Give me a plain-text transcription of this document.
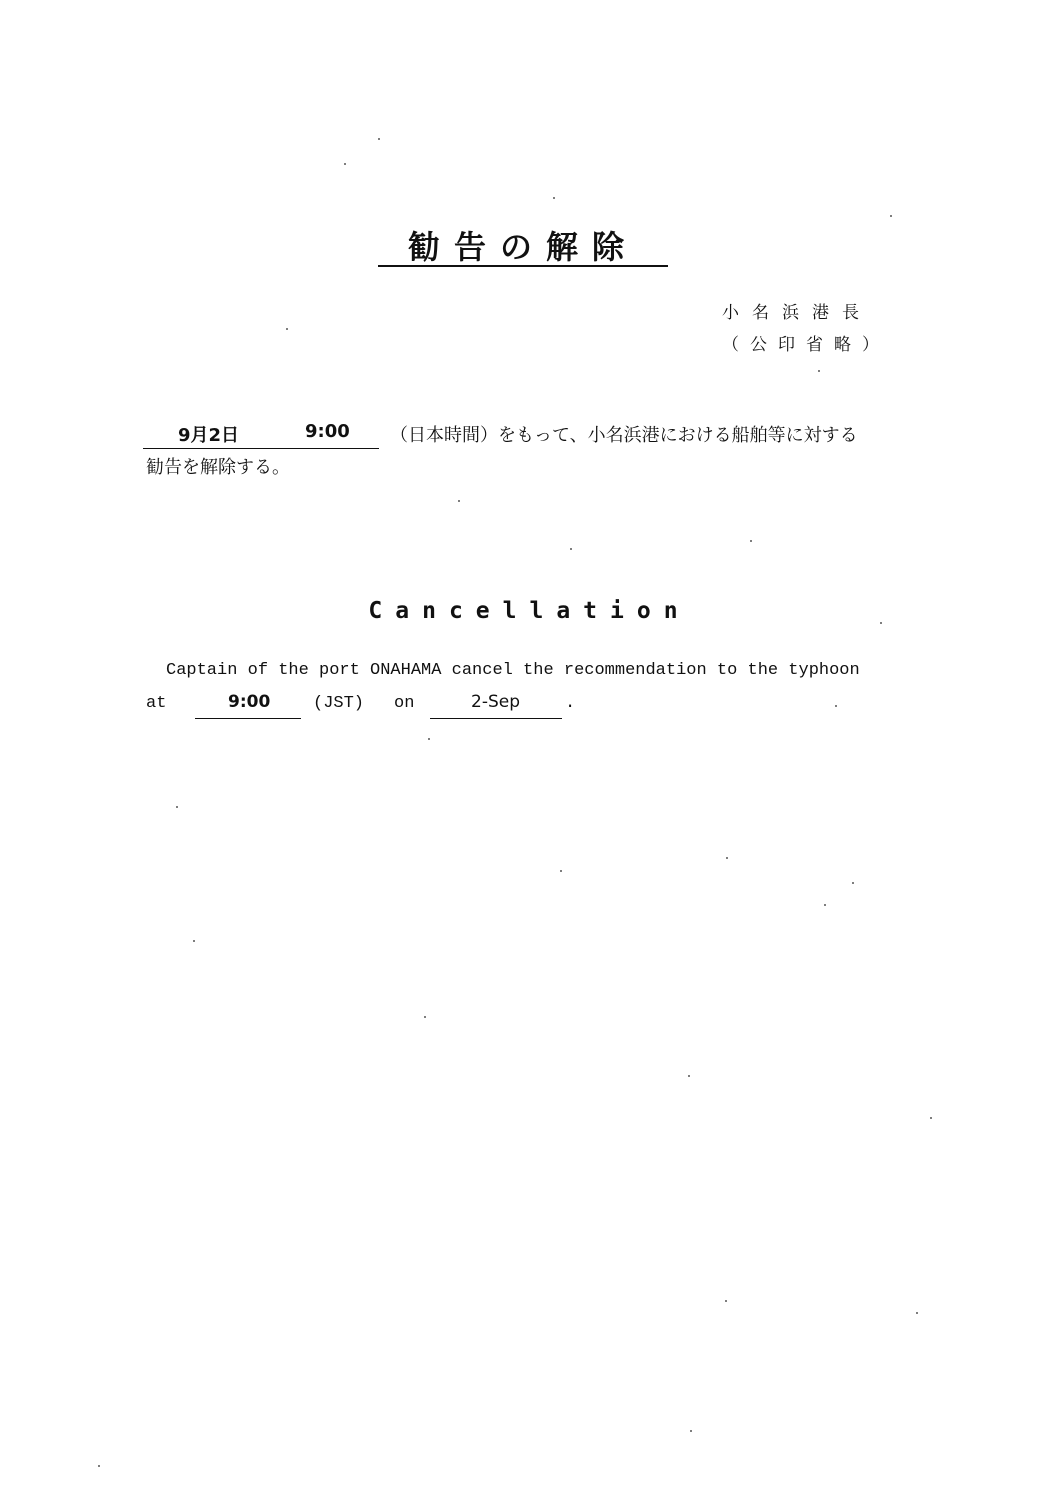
勧告の解除
小名浜港長
（公印省略）
9月2日	9:00 （日本時間）をもって、小名浜港における船舶等に対する
勧告を解除する。
Cancellation
Captain of the port ONAHAMA cancel the recommendation to the typhoon
at	9:00	(JST) on	2-Sep	.
